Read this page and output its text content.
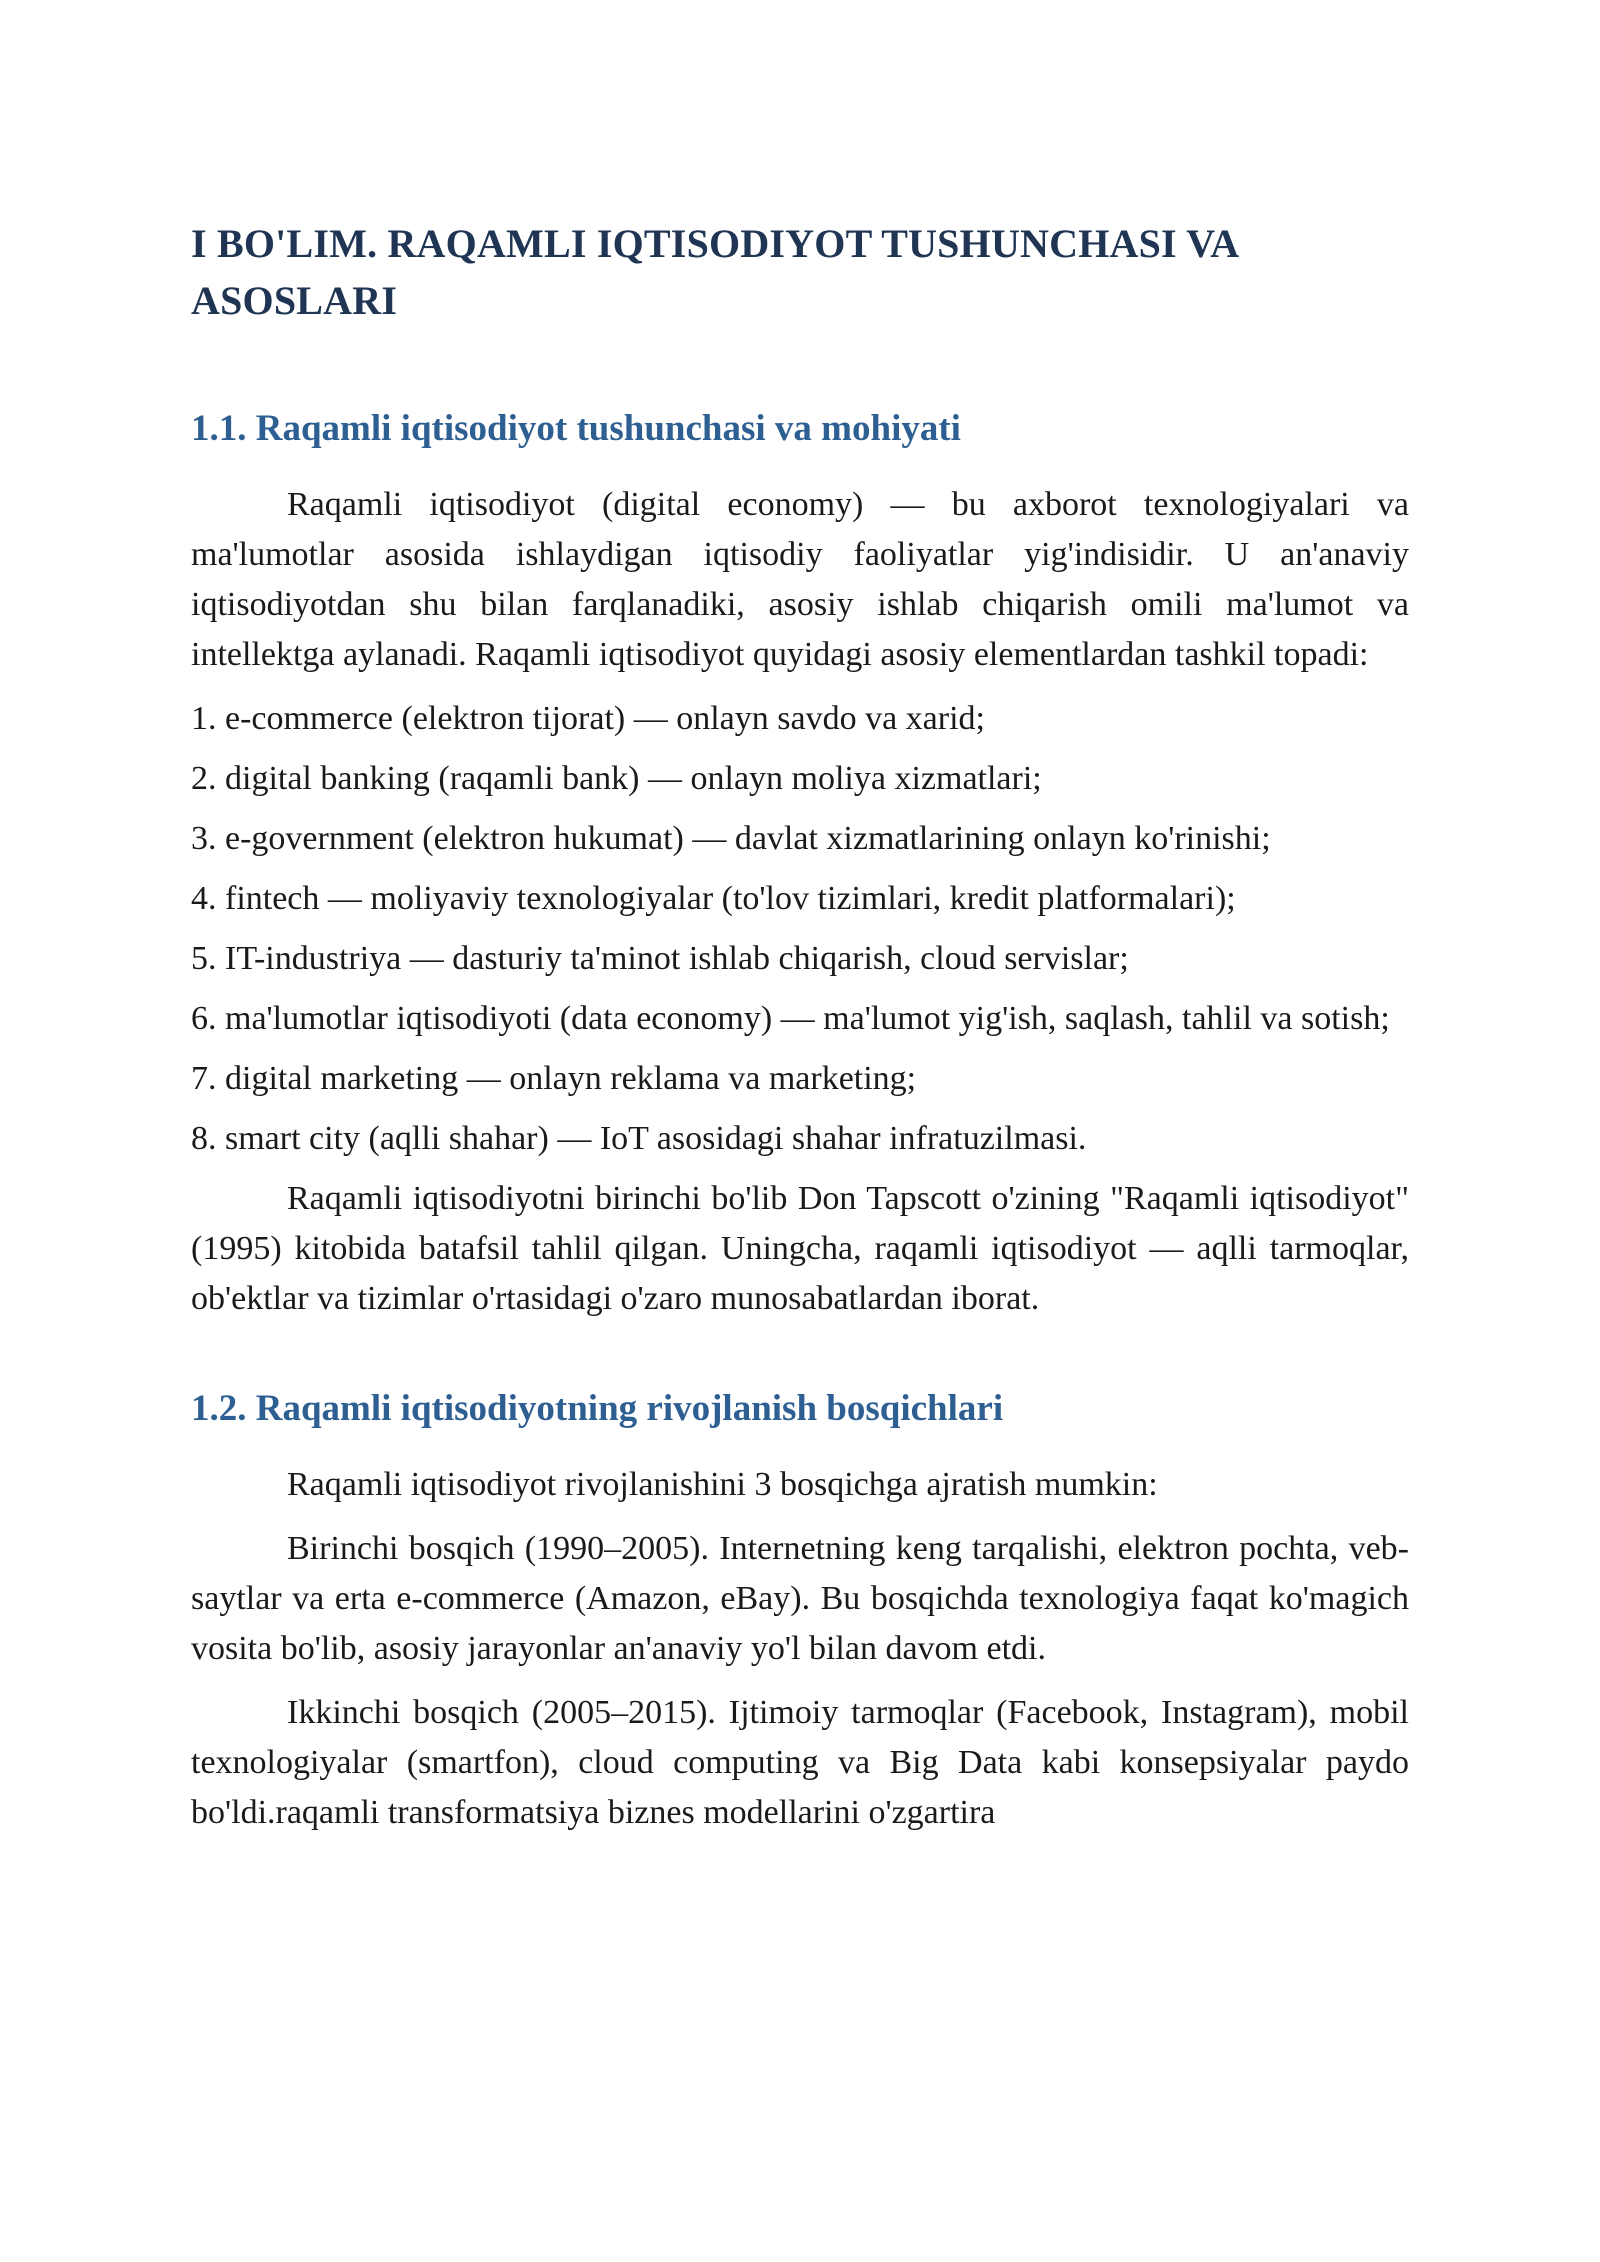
I BO'LIM. RAQAMLI IQTISODIYOT TUSHUNCHASI VA ASOSLARI
1.1. Raqamli iqtisodiyot tushunchasi va mohiyati

Raqamli iqtisodiyot (digital economy) — bu axborot texnologiyalari va ma'lumotlar asosida ishlaydigan iqtisodiy faoliyatlar yig'indisidir. U an'anaviy iqtisodiyotdan shu bilan farqlanadiki, asosiy ishlab chiqarish omili ma'lumot va intellektga aylanadi. Raqamli iqtisodiyot quyidagi asosiy elementlardan tashkil topadi:

1. e-commerce (elektron tijorat) — onlayn savdo va xarid;
2. digital banking (raqamli bank) — onlayn moliya xizmatlari;
3. e-government (elektron hukumat) — davlat xizmatlarining onlayn ko'rinishi;
4. fintech — moliyaviy texnologiyalar (to'lov tizimlari, kredit platformalari);
5. IT-industriya — dasturiy ta'minot ishlab chiqarish, cloud servislar;
6. ma'lumotlar iqtisodiyoti (data economy) — ma'lumot yig'ish, saqlash, tahlil va sotish;
7. digital marketing — onlayn reklama va marketing;
8. smart city (aqlli shahar) — IoT asosidagi shahar infratuzilmasi.

Raqamli iqtisodiyotni birinchi bo'lib Don Tapscott o'zining "Raqamli iqtisodiyot" (1995) kitobida batafsil tahlil qilgan. Uningcha, raqamli iqtisodiyot — aqlli tarmoqlar, ob'ektlar va tizimlar o'rtasidagi o'zaro munosabatlardan iborat.

1.2. Raqamli iqtisodiyotning rivojlanish bosqichlari

Raqamli iqtisodiyot rivojlanishini 3 bosqichga ajratish mumkin:

Birinchi bosqich (1990–2005). Internetning keng tarqalishi, elektron pochta, veb-saytlar va erta e-commerce (Amazon, eBay). Bu bosqichda texnologiya faqat ko'magich vosita bo'lib, asosiy jarayonlar an'anaviy yo'l bilan davom etdi.

Ikkinchi bosqich (2005–2015). Ijtimoiy tarmoqlar (Facebook, Instagram), mobil texnologiyalar (smartfon), cloud computing va Big Data kabi konsepsiyalar paydo bo'ldi.raqamli transformatsiya biznes modellarini o'zgartira
